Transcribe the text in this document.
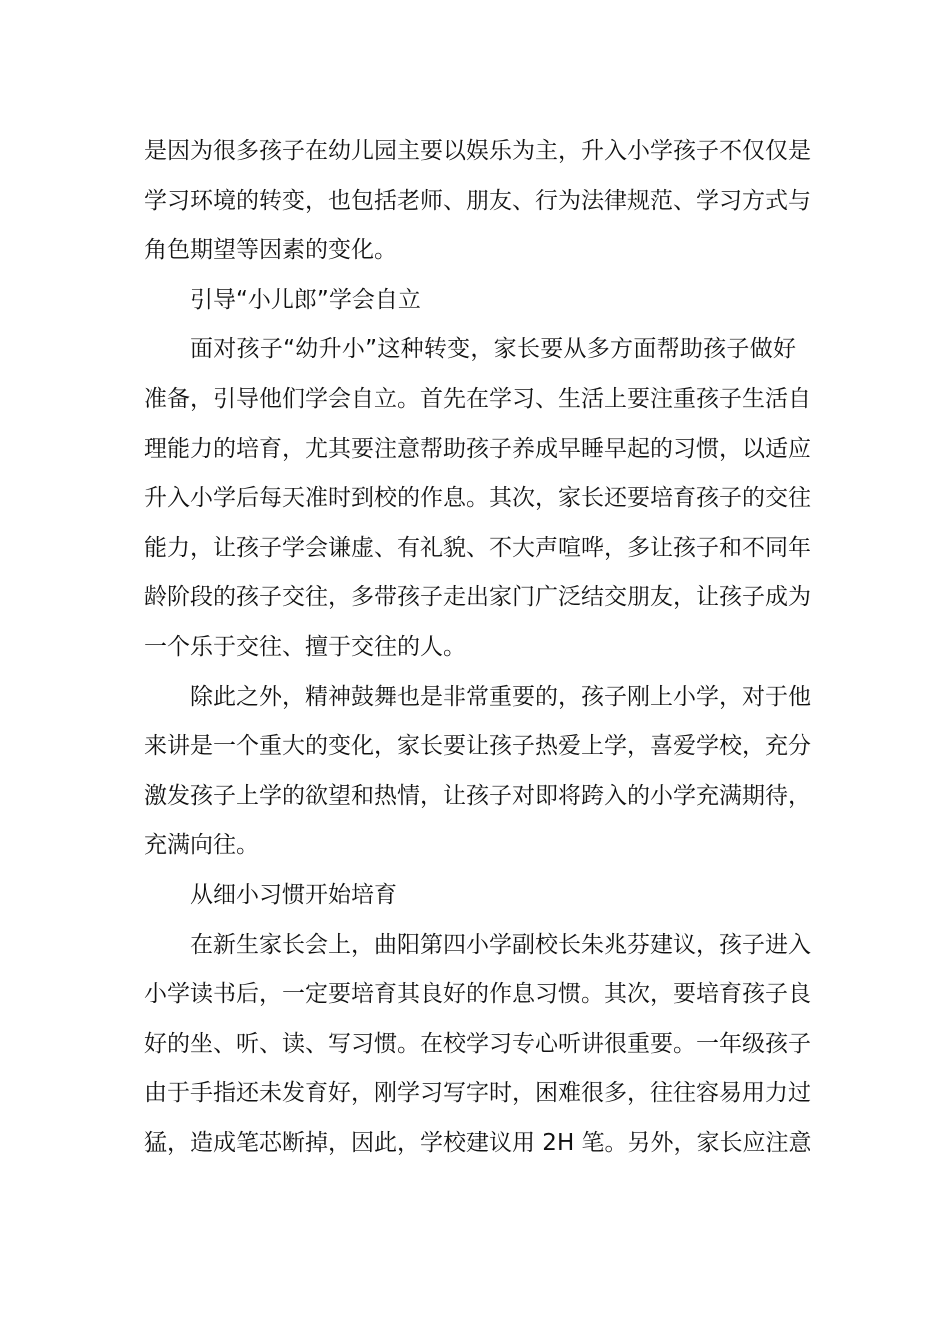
是因为很多孩子在幼儿园主要以娱乐为主，升入小学孩子不仅仅是
学习环境的转变，也包括老师、朋友、行为法律规范、学习方式与
角色期望等因素的变化。
引导“小儿郎”学会自立
面对孩子“幼升小”这种转变，家长要从多方面帮助孩子做好
准备，引导他们学会自立。首先在学习、生活上要注重孩子生活自
理能力的培育，尤其要注意帮助孩子养成早睡早起的习惯，以适应
升入小学后每天准时到校的作息。其次，家长还要培育孩子的交往
能力，让孩子学会谦虚、有礼貌、不大声喧哗，多让孩子和不同年
龄阶段的孩子交往，多带孩子走出家门广泛结交朋友，让孩子成为
一个乐于交往、擅于交往的人。
除此之外，精神鼓舞也是非常重要的，孩子刚上小学，对于他
来讲是一个重大的变化，家长要让孩子热爱上学，喜爱学校，充分
激发孩子上学的欲望和热情，让孩子对即将跨入的小学充满期待，
充满向往。
从细小习惯开始培育
在新生家长会上，曲阳第四小学副校长朱兆芬建议，孩子进入
小学读书后，一定要培育其良好的作息习惯。其次，要培育孩子良
好的坐、听、读、写习惯。在校学习专心听讲很重要。一年级孩子
由于手指还未发育好，刚学习写字时，困难很多，往往容易用力过
猛，造成笔芯断掉，因此，学校建议用 2H 笔。另外，家长应注意
